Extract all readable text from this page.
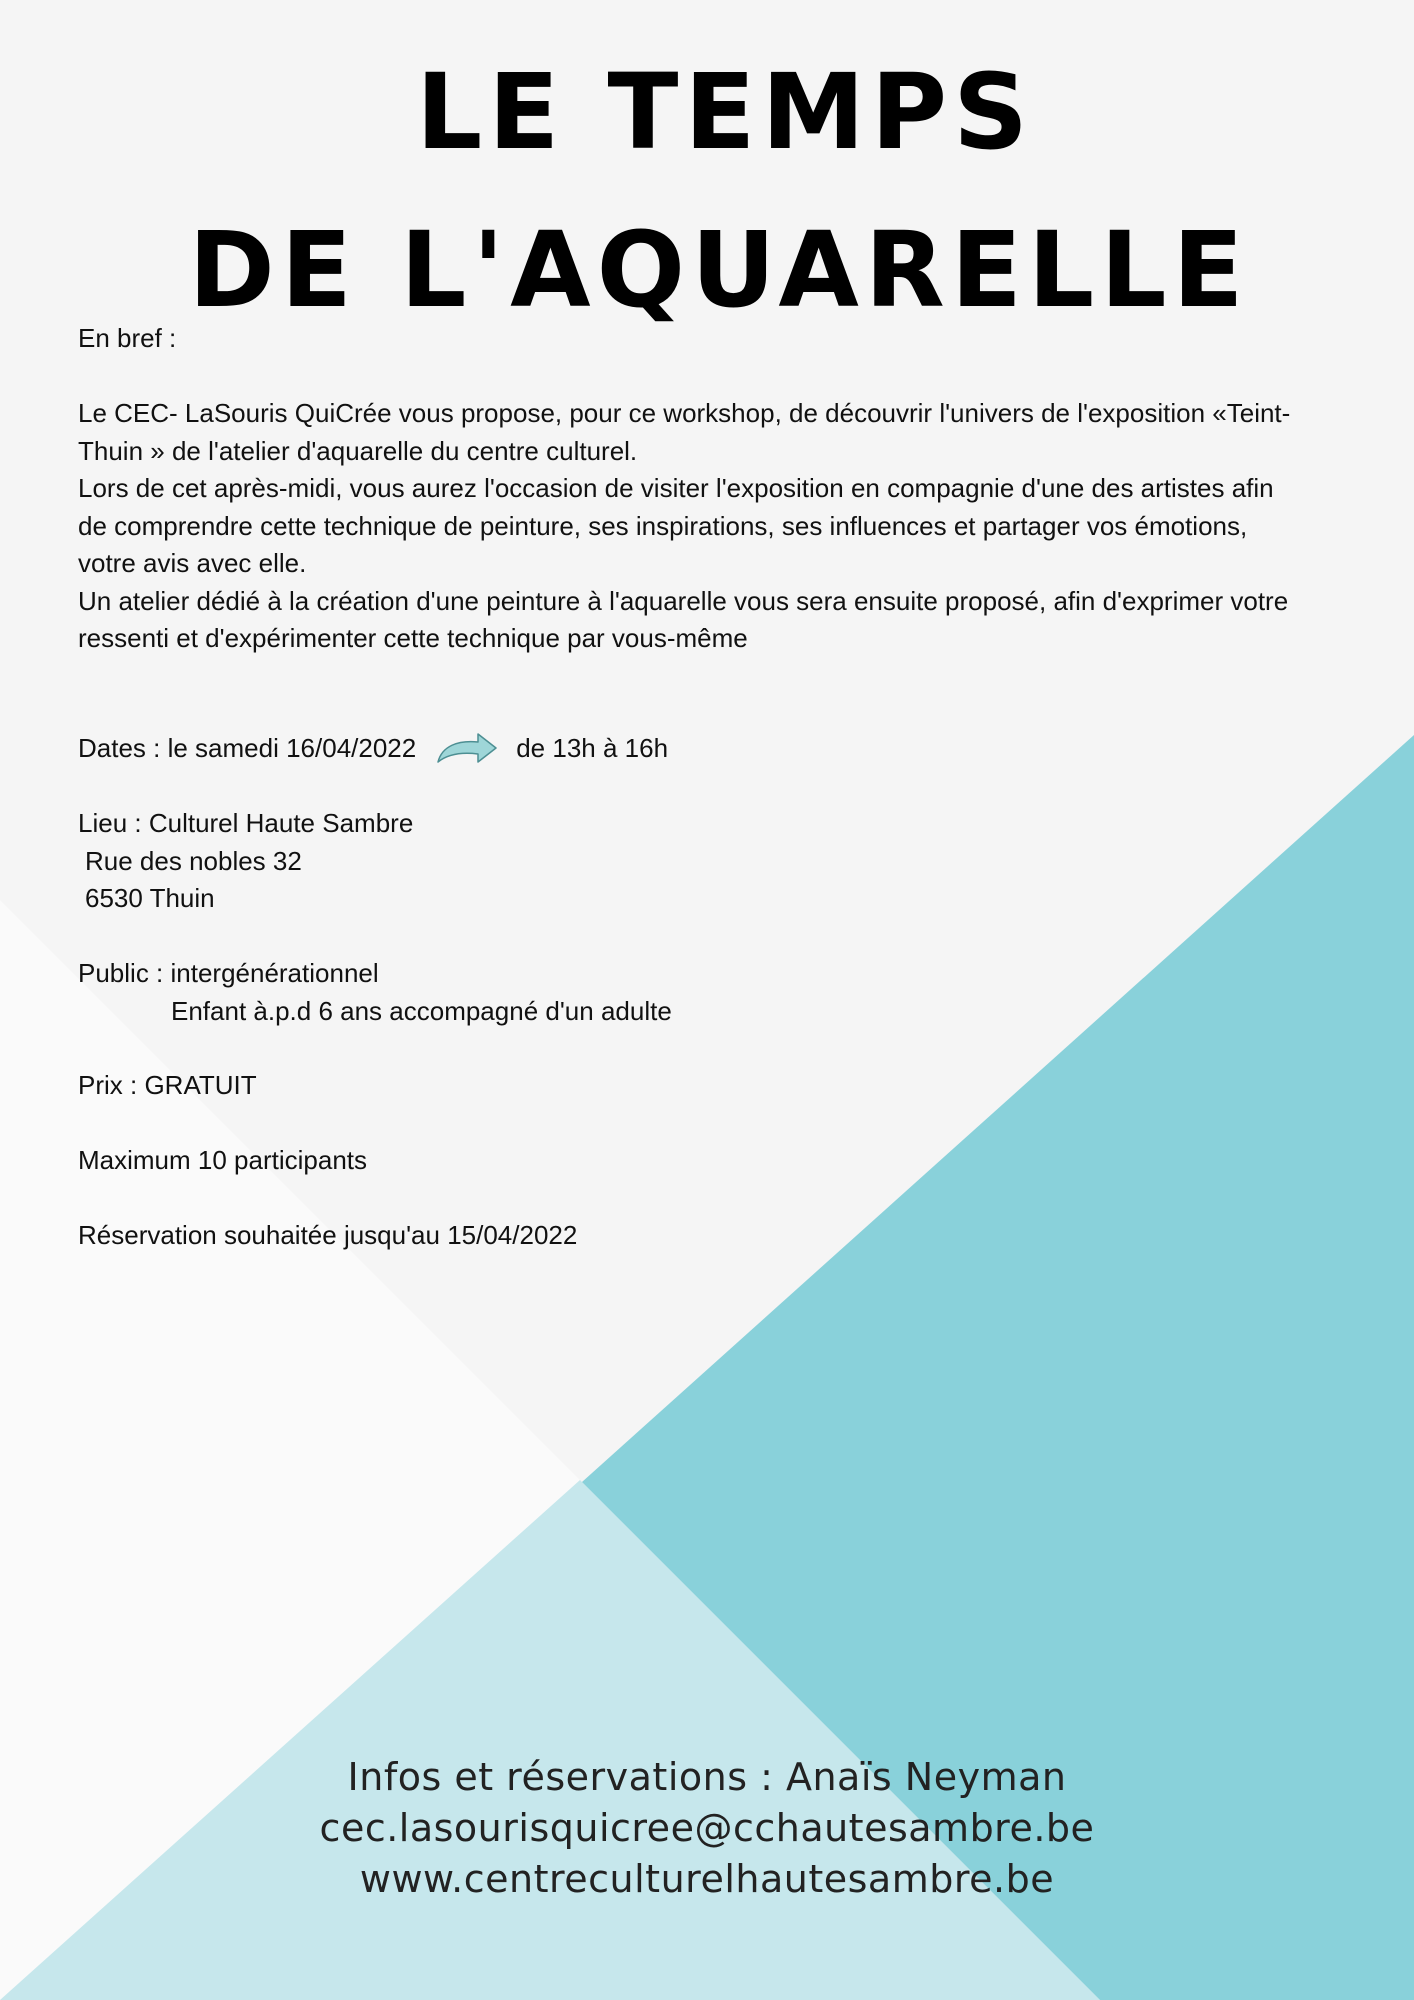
LE TEMPS
DE L'AQUARELLE
En bref :

Le CEC- LaSouris QuiCrée vous propose, pour ce workshop, de découvrir l'univers de l'exposition «Teint-Thuin » de l'atelier d'aquarelle du centre culturel.

Lors de cet après-midi, vous aurez l'occasion de visiter l'exposition en compagnie d'une des artistes afin de comprendre cette technique de peinture, ses inspirations, ses influences et partager vos émotions, votre avis avec elle.

Un atelier dédié à la création d'une peinture à l'aquarelle vous sera ensuite proposé, afin d'exprimer votre ressenti et d'expérimenter cette technique par vous-même

Dates : le samedi 16/04/2022	de 13h à 16h
Lieu : Culturel Haute Sambre
Rue des nobles 32
6530 Thuin
Public : intergénérationnel
Enfant à.p.d 6 ans accompagné d'un adulte
Prix : GRATUIT
Maximum 10 participants
Réservation souhaitée jusqu'au 15/04/2022
Infos et réservations : Anaïs Neyman
cec.lasourisquicree@cchautesambre.be
www.centreculturelhautesambre.be
